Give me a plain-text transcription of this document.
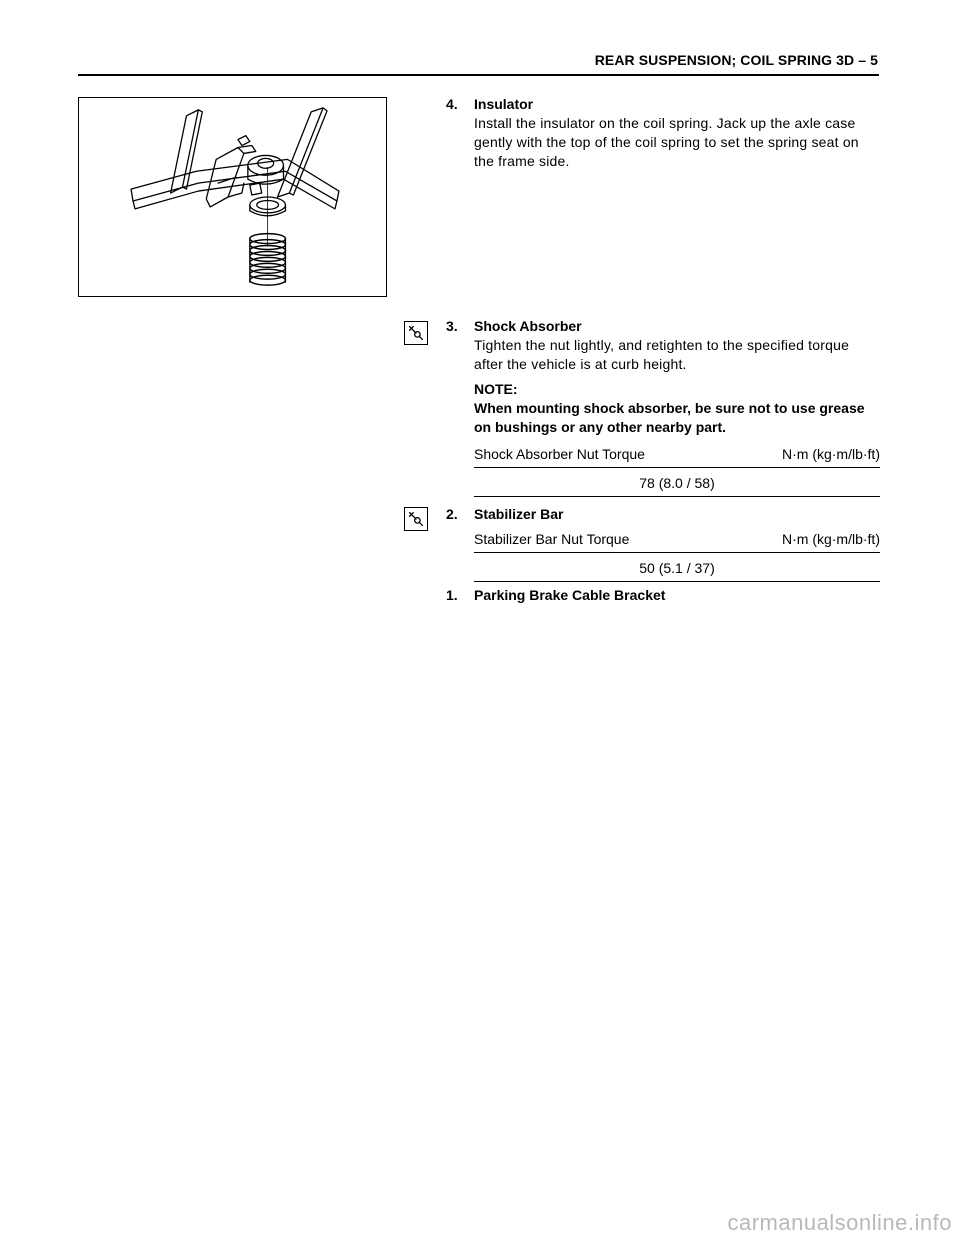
REAR SUSPENSION; COIL SPRING 3D – 5
4.	Insulator
Install the insulator on the coil spring. Jack up the axle case gently with the top of the coil spring to set the spring seat on the frame side.
3.	Shock Absorber
Tighten the nut lightly, and retighten to the specified torque after the vehicle is at curb height.
NOTE:
When mounting shock absorber, be sure not to use grease on bushings or any other nearby part.
Shock Absorber Nut Torque	N·m (kg·m/lb·ft)
78 (8.0 / 58)
2.	Stabilizer Bar
Stabilizer Bar Nut Torque	N·m (kg·m/lb·ft)
50 (5.1 / 37)
1.	Parking Brake Cable Bracket
carmanualsonline.info
